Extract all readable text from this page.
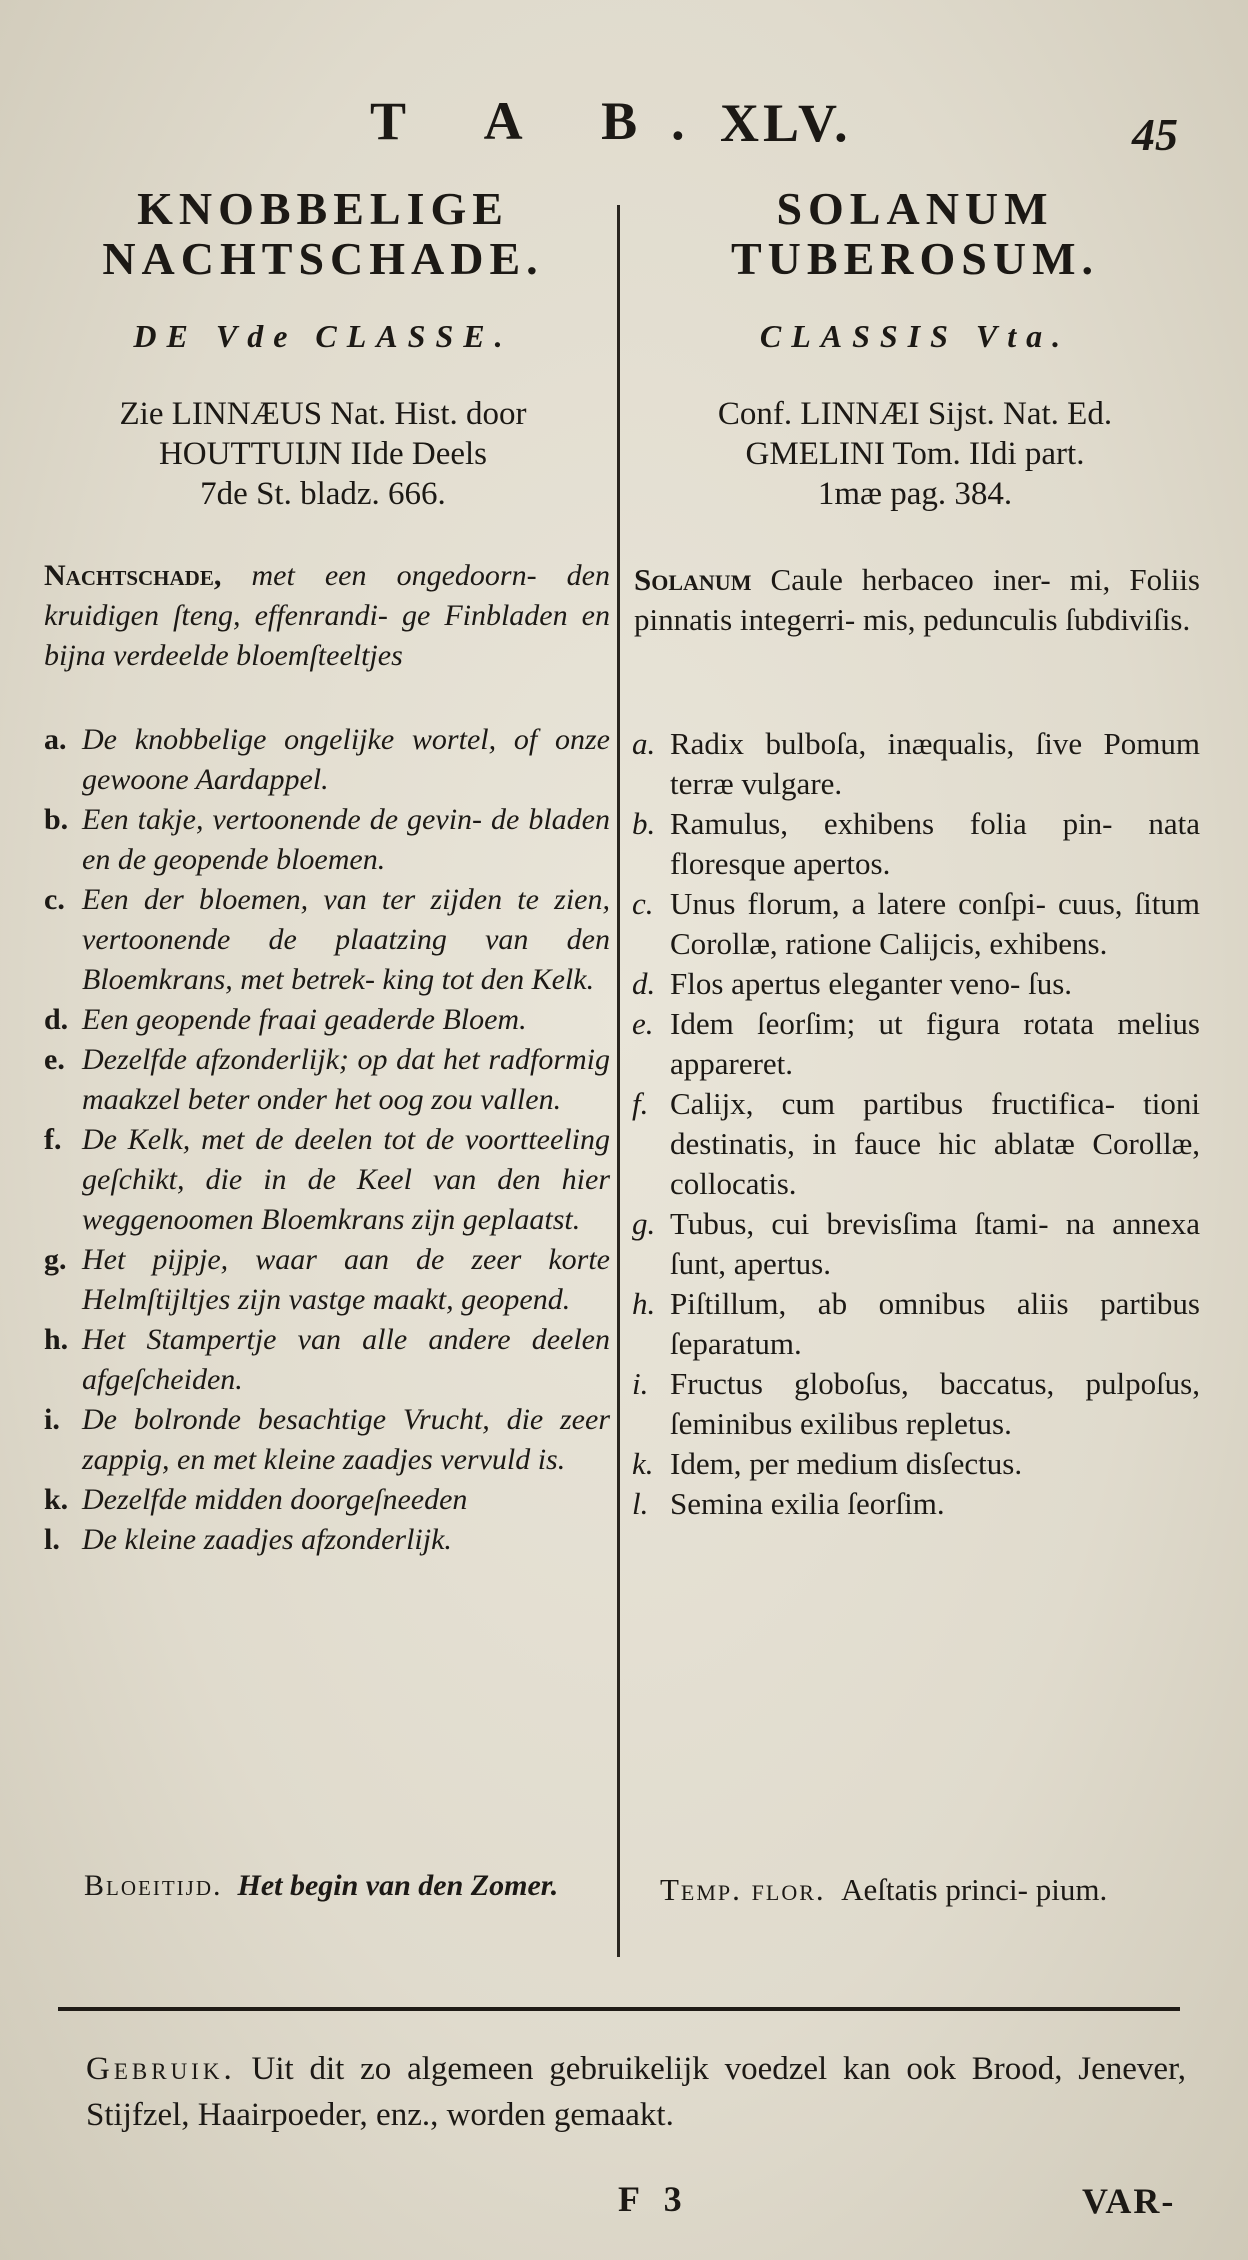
T A B. XLV.	45
KNOBBELIGE
NACHTSCHADE.
DE Vde CLASSE.
Zie LINNÆUS Nat. Hist. door
HOUTTUIJN IIde Deels
7de St. bladz. 666.
Nachtschade, met een ongedoorn- den kruidigen ſteng, effenrandi- ge Finbladen en bijna verdeelde bloemſteeltjes
a. De knobbelige ongelijke wortel, of onze gewoone Aardappel.
b. Een takje, vertoonende de gevin- de bladen en de geopende bloemen.
c. Een der bloemen, van ter zijden te zien, vertoonende de plaatzing van den Bloemkrans, met betrek- king tot den Kelk.
d. Een geopende fraai geaderde Bloem.
e. Dezelfde afzonderlijk; op dat het radformig maakzel beter onder het oog zou vallen.
f. De Kelk, met de deelen tot de voortteeling geſchikt, die in de Keel van den hier weggenoomen Bloemkrans zijn geplaatst.
g. Het pijpje, waar aan de zeer korte Helmſtijltjes zijn vastge maakt, geopend.
h. Het Stampertje van alle andere deelen afgeſcheiden.
i. De bolronde besachtige Vrucht, die zeer zappig, en met kleine zaadjes vervuld is.
k. Dezelfde midden doorgeſneeden
l. De kleine zaadjes afzonderlijk.
Bloeitijd. Het begin van den Zomer.
SOLANUM
TUBEROSUM.
CLASSIS Vta.
Conf. LINNÆI Sijst. Nat. Ed.
GMELINI Tom. IIdi part.
1mæ pag. 384.
Solanum Caule herbaceo iner- mi, Foliis pinnatis integerri- mis, pedunculis ſubdiviſis.
a. Radix bulboſa, inæqualis, ſive Pomum terræ vulgare.
b. Ramulus, exhibens folia pin- nata floresque apertos.
c. Unus florum, a latere conſpi- cuus, ſitum Corollæ, ratione Calijcis, exhibens.
d. Flos apertus eleganter veno- ſus.
e. Idem ſeorſim; ut figura rotata melius appareret.
f. Calijx, cum partibus fructifica- tioni destinatis, in fauce hic ablatæ Corollæ, collocatis.
g. Tubus, cui brevisſima ſtami- na annexa ſunt, apertus.
h. Piſtillum, ab omnibus aliis partibus ſeparatum.
i. Fructus globoſus, baccatus, pulpoſus, ſeminibus exilibus repletus.
k. Idem, per medium disſectus.
l. Semina exilia ſeorſim.
Temp. flor. Aeſtatis princi- pium.
Gebruik. Uit dit zo algemeen gebruikelijk voedzel kan ook Brood, Jenever, Stijfzel, Haairpoeder, enz., worden gemaakt.
F 3	VAR-
